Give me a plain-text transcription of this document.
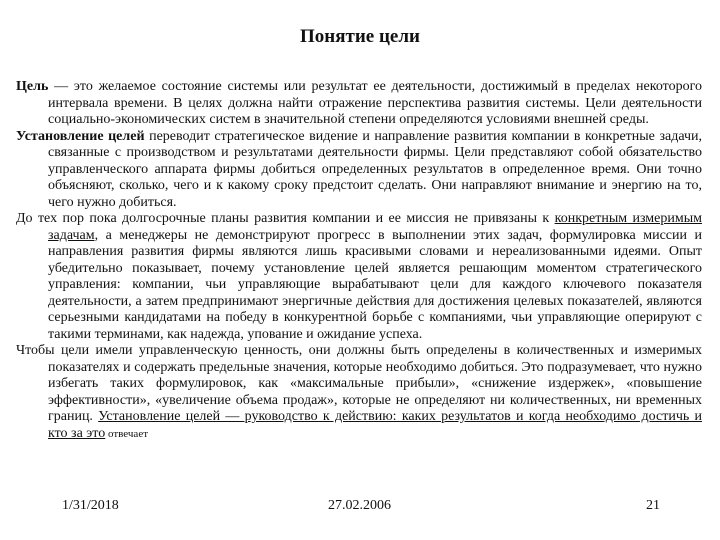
Понятие цели

Цель — это желаемое состояние системы или результат ее деятельности, достижимый в пределах некоторого интервала времени. В целях должна найти отражение перспектива развития системы. Цели деятельности социально-экономических систем в значительной степени определяются условиями внешней среды.

Установление целей переводит стратегическое видение и направление развития компании в конкретные задачи, связанные с производством и результатами деятельности фирмы. Цели представляют собой обязательство управленческого аппарата фирмы добиться определенных результатов в определенное время. Они точно объясняют, сколько, чего и к какому сроку предстоит сделать. Они направляют внимание и энергию на то, чего нужно добиться.

До тех пор пока долгосрочные планы развития компании и ее миссия не привязаны к конкретным измеримым задачам, а менеджеры не демонстрируют прогресс в выполнении этих задач, формулировка миссии и направления развития фирмы являются лишь красивыми словами и нереализованными идеями. Опыт убедительно показывает, почему установление целей является решающим моментом стратегического управления: компании, чьи управляющие вырабатывают цели для каждого ключевого показателя деятельности, а затем предпринимают энергичные действия для достижения целевых показателей, являются серьезными кандидатами на победу в конкурентной борьбе с компаниями, чьи управляющие оперируют с такими терминами, как надежда, упование и ожидание успеха.

Чтобы цели имели управленческую ценность, они должны быть определены в количественных и измеримых показателях и содержать предельные значения, которые необходимо добиться. Это подразумевает, что нужно избегать таких формулировок, как «максимальные прибыли», «снижение издержек», «повышение эффективности», «увеличение объема продаж», которые не определяют ни количественных, ни временных границ. Установление целей — руководство к действию: каких результатов и когда необходимо достичь и кто за это отвечает

1/31/2018	27.02.2006	21
